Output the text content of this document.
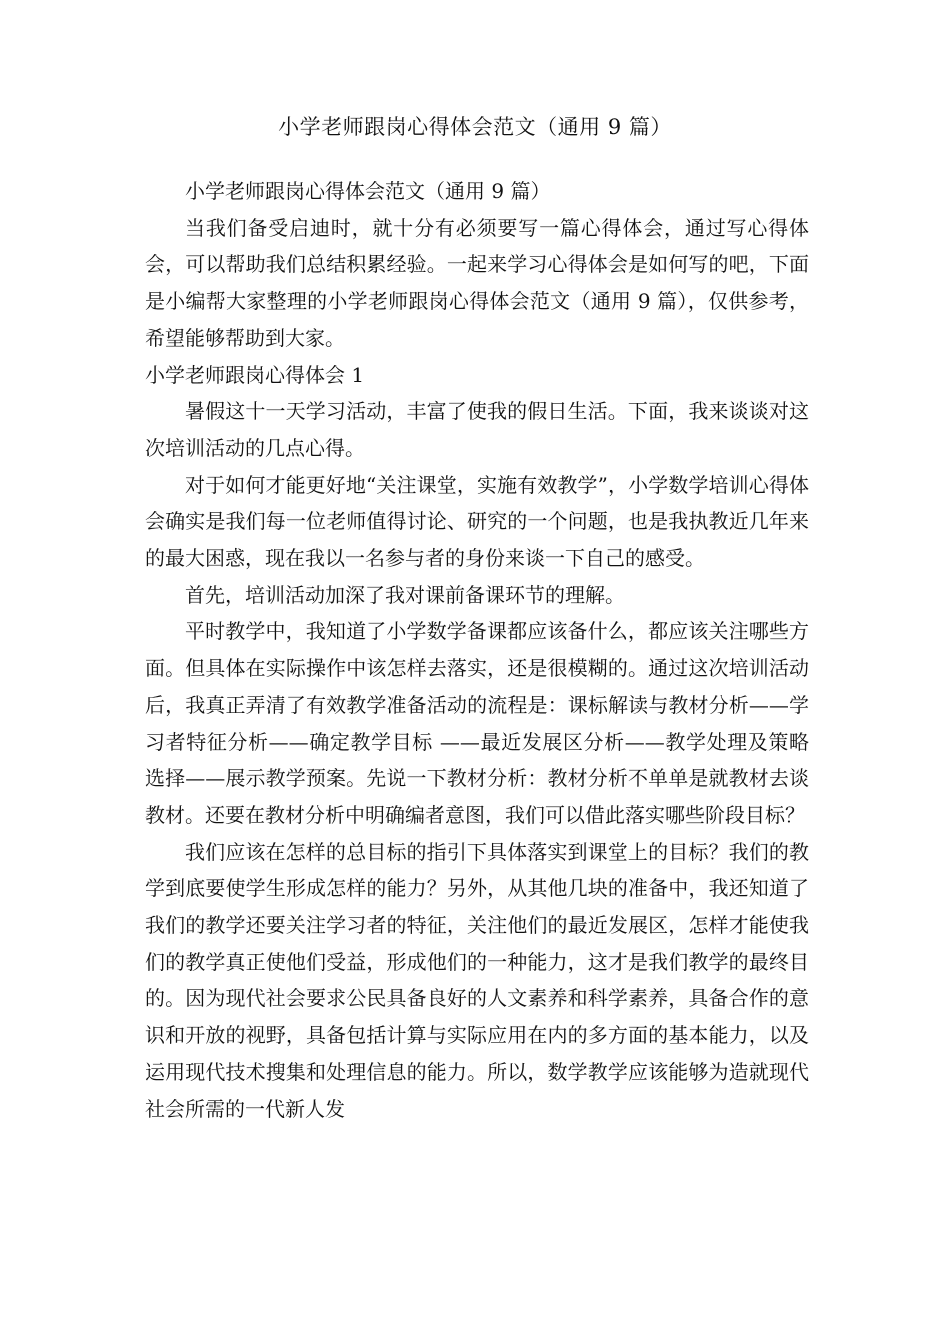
小学老师跟岗心得体会范文（通用 9 篇）

小学老师跟岗心得体会范文（通用 9 篇）

当我们备受启迪时，就十分有必须要写一篇心得体会，通过写心得体会，可以帮助我们总结积累经验。一起来学习心得体会是如何写的吧，下面是小编帮大家整理的小学老师跟岗心得体会范文（通用 9 篇），仅供参考，希望能够帮助到大家。

小学老师跟岗心得体会 1

暑假这十一天学习活动，丰富了使我的假日生活。下面，我来谈谈对这次培训活动的几点心得。

对于如何才能更好地“关注课堂，实施有效教学”，小学数学培训心得体会确实是我们每一位老师值得讨论、研究的一个问题，也是我执教近几年来的最大困惑，现在我以一名参与者的身份来谈一下自己的感受。

首先，培训活动加深了我对课前备课环节的理解。

平时教学中，我知道了小学数学备课都应该备什么，都应该关注哪些方面。但具体在实际操作中该怎样去落实，还是很模糊的。通过这次培训活动后，我真正弄清了有效教学准备活动的流程是：课标解读与教材分析——学习者特征分析——确定教学目标 ——最近发展区分析——教学处理及策略选择——展示教学预案。先说一下教材分析：教材分析不单单是就教材去谈教材。还要在教材分析中明确编者意图，我们可以借此落实哪些阶段目标？

我们应该在怎样的总目标的指引下具体落实到课堂上的目标？我们的教学到底要使学生形成怎样的能力？另外，从其他几块的准备中，我还知道了我们的教学还要关注学习者的特征，关注他们的最近发展区，怎样才能使我们的教学真正使他们受益，形成他们的一种能力，这才是我们教学的最终目的。因为现代社会要求公民具备良好的人文素养和科学素养，具备合作的意识和开放的视野，具备包括计算与实际应用在内的多方面的基本能力，以及运用现代技术搜集和处理信息的能力。所以，数学教学应该能够为造就现代社会所需的一代新人发
